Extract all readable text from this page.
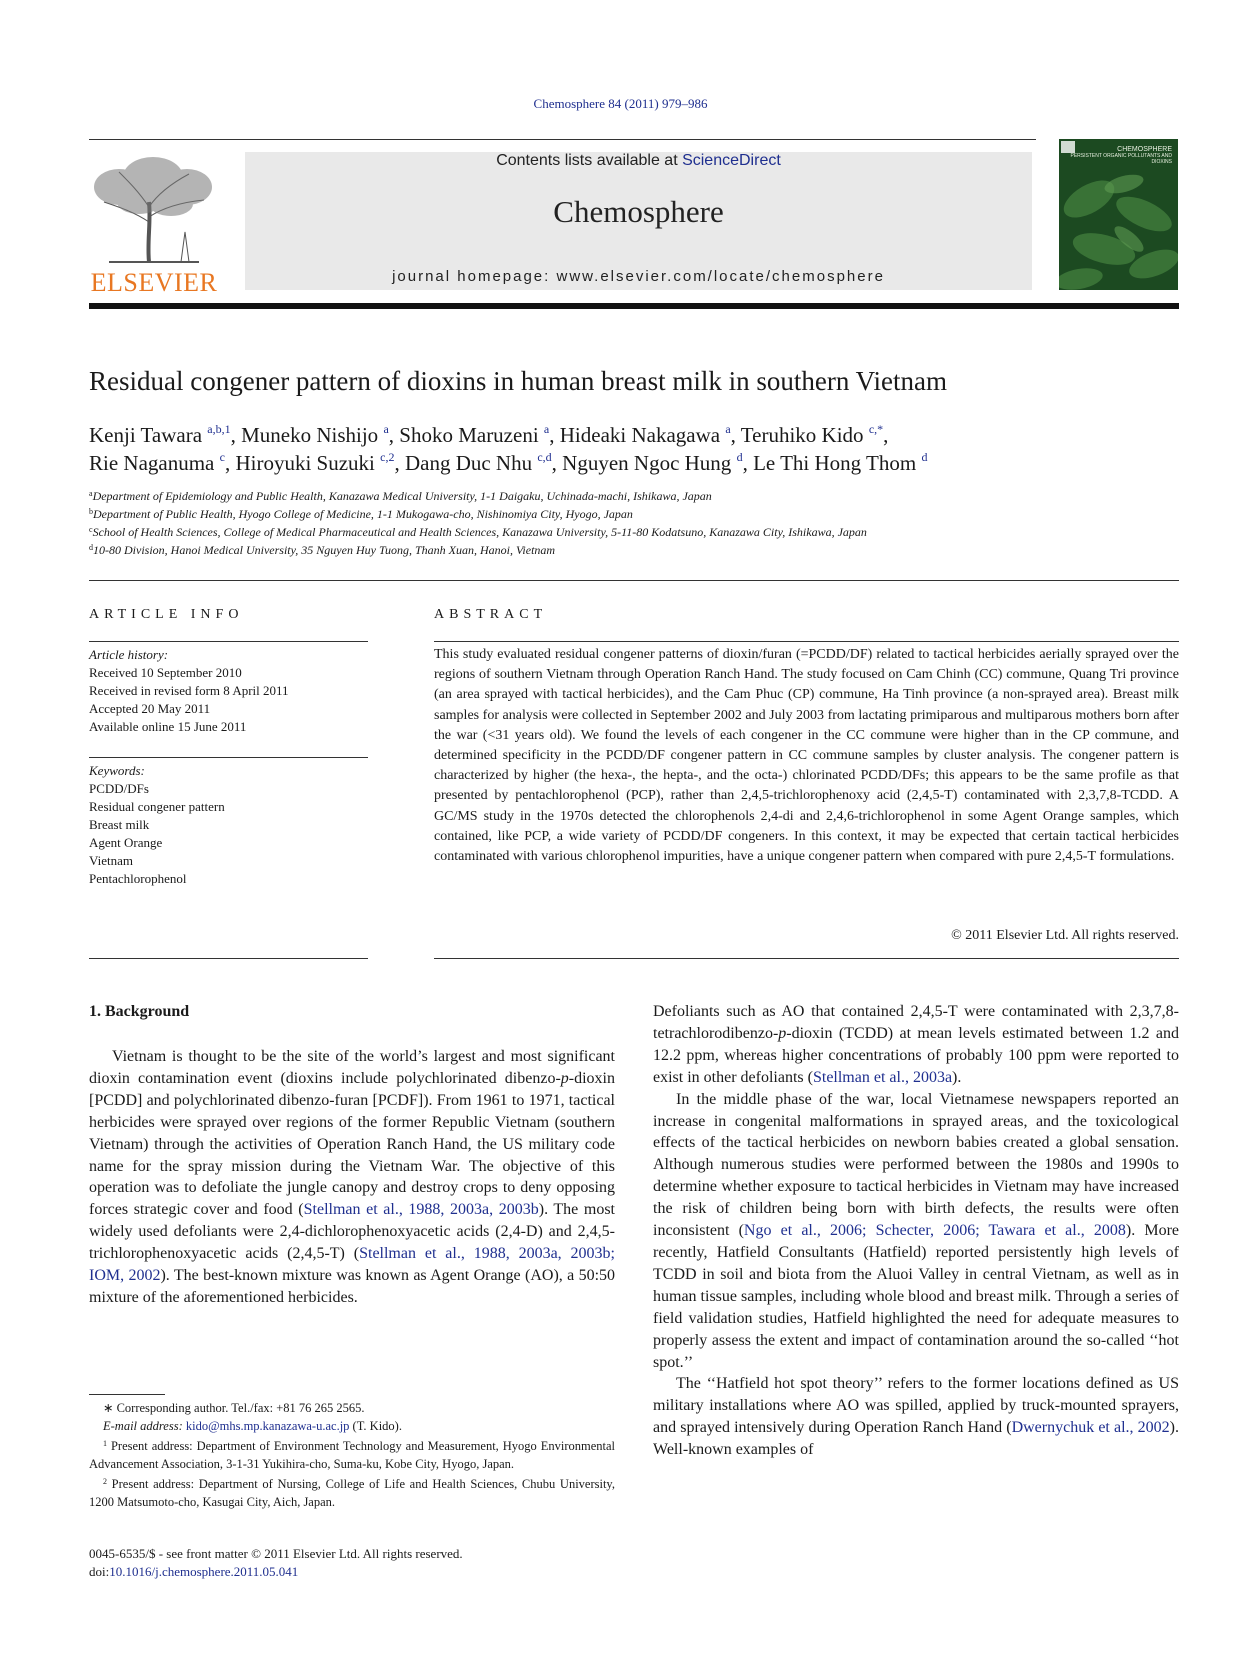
Chemosphere 84 (2011) 979–986
ELSEVIER
Contents lists available at ScienceDirect
Chemosphere
journal homepage: www.elsevier.com/locate/chemosphere
CHEMOSPHERE
PERSISTENT ORGANIC POLLUTANTS AND DIOXINS
Residual congener pattern of dioxins in human breast milk in southern Vietnam
Kenji Tawara $^{a,b,1}$, Muneko Nishijo $^a$, Shoko Maruzeni $^a$, Hideaki Nakagawa $^a$, Teruhiko Kido $^{c,*}$,
Rie Naganuma $^c$, Hiroyuki Suzuki $^{c,2}$, Dang Duc Nhu $^{c,d}$, Nguyen Ngoc Hung $^d$, Le Thi Hong Thom $^d$
$^a$Department of Epidemiology and Public Health, Kanazawa Medical University, 1-1 Daigaku, Uchinada-machi, Ishikawa, Japan
$^b$Department of Public Health, Hyogo College of Medicine, 1-1 Mukogawa-cho, Nishinomiya City, Hyogo, Japan
$^c$School of Health Sciences, College of Medical Pharmaceutical and Health Sciences, Kanazawa University, 5-11-80 Kodatsuno, Kanazawa City, Ishikawa, Japan
$^d$10-80 Division, Hanoi Medical University, 35 Nguyen Huy Tuong, Thanh Xuan, Hanoi, Vietnam
ARTICLE INFO
Article history:
Received 10 September 2010
Received in revised form 8 April 2011
Accepted 20 May 2011
Available online 15 June 2011
Keywords:
PCDD/DFs
Residual congener pattern
Breast milk
Agent Orange
Vietnam
Pentachlorophenol
ABSTRACT
This study evaluated residual congener patterns of dioxin/furan (=PCDD/DF) related to tactical herbicides aerially sprayed over the regions of southern Vietnam through Operation Ranch Hand. The study focused on Cam Chinh (CC) commune, Quang Tri province (an area sprayed with tactical herbicides), and the Cam Phuc (CP) commune, Ha Tinh province (a non-sprayed area). Breast milk samples for analysis were collected in September 2002 and July 2003 from lactating primiparous and multiparous mothers born after the war (<31 years old). We found the levels of each congener in the CC commune were higher than in the CP commune, and determined specificity in the PCDD/DF congener pattern in CC commune samples by cluster analysis. The congener pattern is characterized by higher (the hexa-, the hepta-, and the octa-) chlorinated PCDD/DFs; this appears to be the same profile as that presented by pentachlorophenol (PCP), rather than 2,4,5-trichlorophenoxy acid (2,4,5-T) contaminated with 2,3,7,8-TCDD. A GC/MS study in the 1970s detected the chlorophenols 2,4-di and 2,4,6-trichlorophenol in some Agent Orange samples, which contained, like PCP, a wide variety of PCDD/DF congeners. In this context, it may be expected that certain tactical herbicides contaminated with various chlorophenol impurities, have a unique congener pattern when compared with pure 2,4,5-T formulations.
© 2011 Elsevier Ltd. All rights reserved.
1. Background

Vietnam is thought to be the site of the world’s largest and most significant dioxin contamination event (dioxins include polychlorinated dibenzo-p-dioxin [PCDD] and polychlorinated dibenzo-furan [PCDF]). From 1961 to 1971, tactical herbicides were sprayed over regions of the former Republic Vietnam (southern Vietnam) through the activities of Operation Ranch Hand, the US military code name for the spray mission during the Vietnam War. The objective of this operation was to defoliate the jungle canopy and destroy crops to deny opposing forces strategic cover and food (Stellman et al., 1988, 2003a, 2003b). The most widely used defoliants were 2,4-dichlorophenoxyacetic acids (2,4-D) and 2,4,5-trichlorophenoxyacetic acids (2,4,5-T) (Stellman et al., 1988, 2003a, 2003b; IOM, 2002). The best-known mixture was known as Agent Orange (AO), a 50:50 mixture of the aforementioned herbicides.

Defoliants such as AO that contained 2,4,5-T were contaminated with 2,3,7,8-tetrachlorodibenzo-p-dioxin (TCDD) at mean levels estimated between 1.2 and 12.2 ppm, whereas higher concentrations of probably 100 ppm were reported to exist in other defoliants (Stellman et al., 2003a).

In the middle phase of the war, local Vietnamese newspapers reported an increase in congenital malformations in sprayed areas, and the toxicological effects of the tactical herbicides on newborn babies created a global sensation. Although numerous studies were performed between the 1980s and 1990s to determine whether exposure to tactical herbicides in Vietnam may have increased the risk of children being born with birth defects, the results were often inconsistent (Ngo et al., 2006; Schecter, 2006; Tawara et al., 2008). More recently, Hatfield Consultants (Hatfield) reported persistently high levels of TCDD in soil and biota from the Aluoi Valley in central Vietnam, as well as in human tissue samples, including whole blood and breast milk. Through a series of field validation studies, Hatfield highlighted the need for adequate measures to properly assess the extent and impact of contamination around the so-called ‘‘hot spot.’’

The ‘‘Hatfield hot spot theory’’ refers to the former locations defined as US military installations where AO was spilled, applied by truck-mounted sprayers, and sprayed intensively during Operation Ranch Hand (Dwernychuk et al., 2002). Well-known examples of

∗ Corresponding author. Tel./fax: +81 76 265 2565.

E-mail address: kido@mhs.mp.kanazawa-u.ac.jp (T. Kido).

$^1$ Present address: Department of Environment Technology and Measurement, Hyogo Environmental Advancement Association, 3-1-31 Yukihira-cho, Suma-ku, Kobe City, Hyogo, Japan.

$^2$ Present address: Department of Nursing, College of Life and Health Sciences, Chubu University, 1200 Matsumoto-cho, Kasugai City, Aich, Japan.

0045-6535/$ - see front matter © 2011 Elsevier Ltd. All rights reserved.
doi:10.1016/j.chemosphere.2011.05.041
